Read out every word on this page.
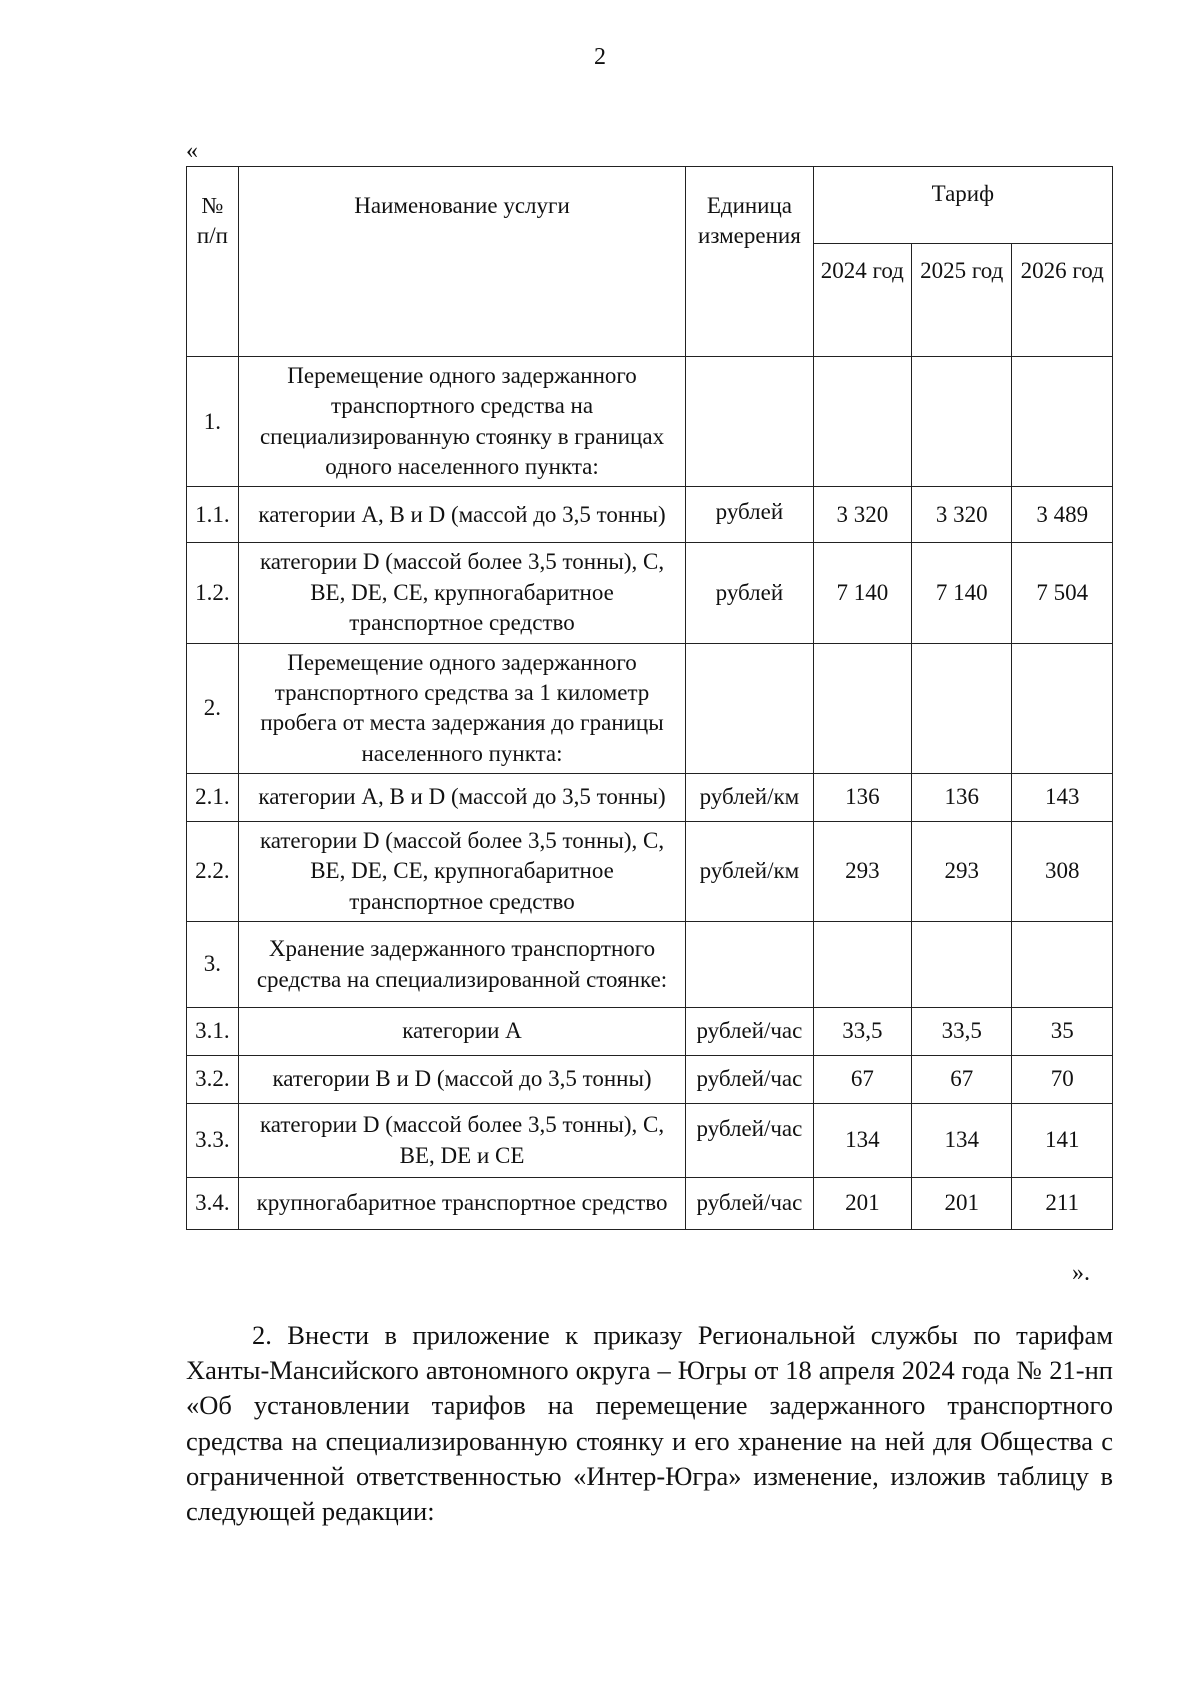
2
«
№ п/п	Наименование услуги	Единица измерения	Тариф		
			2024 год	2025 год	2026 год
1.	Перемещение одного задержанного транспортного средства на специализированную стоянку в границах одного населенного пункта:				
1.1.	категории А, В и D (массой до 3,5 тонны)	рублей	3 320	3 320	3 489
1.2.	категории D (массой более 3,5 тонны), С, ВЕ, DE, СЕ, крупногабаритное транспортное средство	рублей	7 140	7 140	7 504
2.	Перемещение одного задержанного транспортного средства за 1 километр пробега от места задержания до границы населенного пункта:				
2.1.	категории А, В и D (массой до 3,5 тонны)	рублей/км	136	136	143
2.2.	категории D (массой более 3,5 тонны), С, ВЕ, DE, СЕ, крупногабаритное транспортное средство	рублей/км	293	293	308
3.	Хранение задержанного транспортного средства на специализированной стоянке:				
3.1.	категории А	рублей/час	33,5	33,5	35
3.2.	категории В и D (массой до 3,5 тонны)	рублей/час	67	67	70
3.3.	категории D (массой более 3,5 тонны), С, ВЕ, DE и СЕ	рублей/час	134	134	141
3.4.	крупногабаритное транспортное средство	рублей/час	201	201	211
».

2. Внести в приложение к приказу Региональной службы по тарифам Ханты-Мансийского автономного округа – Югры от 18 апреля 2024 года № 21-нп «Об установлении тарифов на перемещение задержанного транспортного средства на специализированную стоянку и его хранение на ней для Общества с ограниченной ответственностью «Интер-Югра» изменение, изложив таблицу в следующей редакции:
